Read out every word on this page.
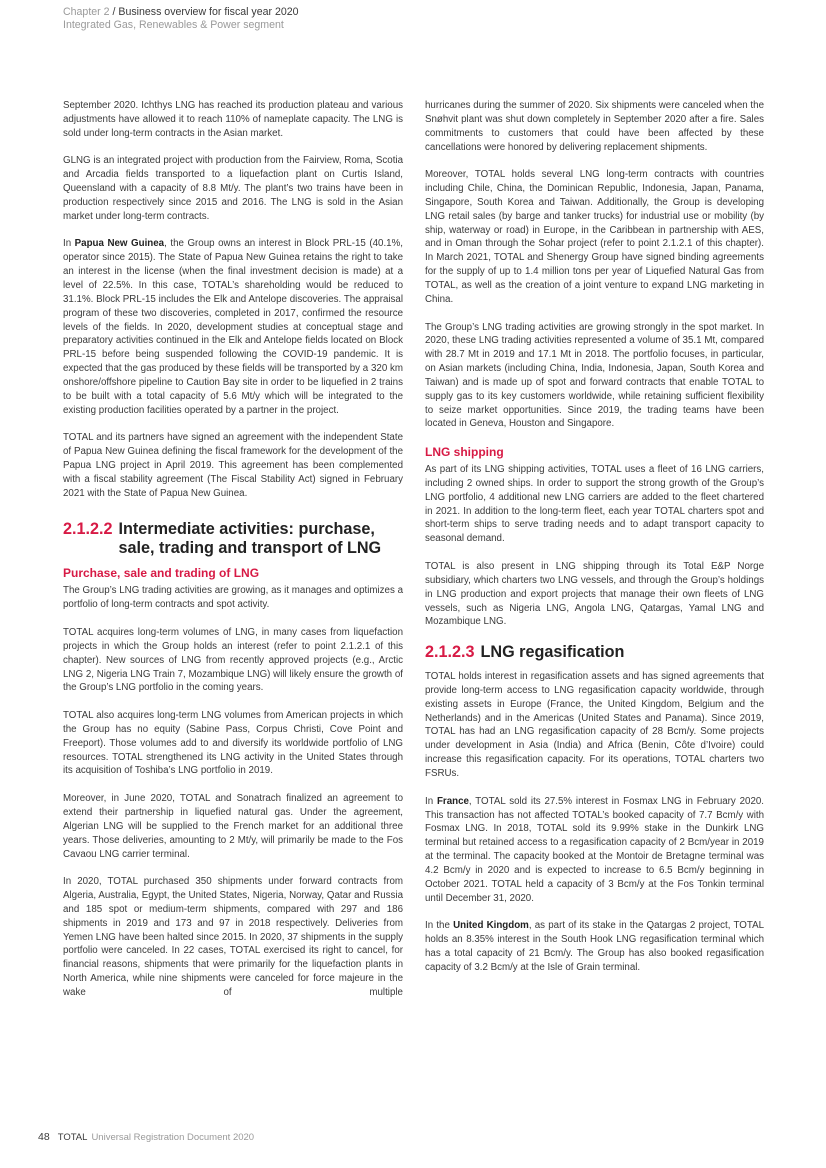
Chapter 2 / Business overview for fiscal year 2020
Integrated Gas, Renewables & Power segment

September 2020. Ichthys LNG has reached its production plateau and various adjustments have allowed it to reach 110% of nameplate capacity. The LNG is sold under long-term contracts in the Asian market.

GLNG is an integrated project with production from the Fairview, Roma, Scotia and Arcadia fields transported to a liquefaction plant on Curtis Island, Queensland with a capacity of 8.8 Mt/y. The plant’s two trains have been in production respectively since 2015 and 2016. The LNG is sold in the Asian market under long-term contracts.

In Papua New Guinea, the Group owns an interest in Block PRL-15 (40.1%, operator since 2015). The State of Papua New Guinea retains the right to take an interest in the license (when the final investment decision is made) at a level of 22.5%. In this case, TOTAL’s shareholding would be reduced to 31.1%. Block PRL-15 includes the Elk and Antelope discoveries. The appraisal program of these two discoveries, completed in 2017, confirmed the resource levels of the fields. In 2020, development studies at conceptual stage and preparatory activities continued in the Elk and Antelope fields located on Block PRL-15 before being suspended following the COVID-19 pandemic. It is expected that the gas produced by these fields will be transported by a 320 km onshore/offshore pipeline to Caution Bay site in order to be liquefied in 2 trains to be built with a total capacity of 5.6 Mt/y which will be integrated to the existing production facilities operated by a partner in the project.

TOTAL and its partners have signed an agreement with the independent State of Papua New Guinea defining the fiscal framework for the development of the Papua LNG project in April 2019. This agreement has been complemented with a fiscal stability agreement (The Fiscal Stability Act) signed in February 2021 with the State of Papua New Guinea.

2.1.2.2 Intermediate activities: purchase, sale, trading and transport of LNG
Purchase, sale and trading of LNG

The Group’s LNG trading activities are growing, as it manages and optimizes a portfolio of long-term contracts and spot activity.

TOTAL acquires long-term volumes of LNG, in many cases from liquefaction projects in which the Group holds an interest (refer to point 2.1.2.1 of this chapter). New sources of LNG from recently approved projects (e.g., Arctic LNG 2, Nigeria LNG Train 7, Mozambique LNG) will likely ensure the growth of the Group’s LNG portfolio in the coming years.

TOTAL also acquires long-term LNG volumes from American projects in which the Group has no equity (Sabine Pass, Corpus Christi, Cove Point and Freeport). Those volumes add to and diversify its worldwide portfolio of LNG resources. TOTAL strengthened its LNG activity in the United States through its acquisition of Toshiba’s LNG portfolio in 2019.

Moreover, in June 2020, TOTAL and Sonatrach finalized an agreement to extend their partnership in liquefied natural gas. Under the agreement, Algerian LNG will be supplied to the French market for an additional three years. Those deliveries, amounting to 2 Mt/y, will primarily be made to the Fos Cavaou LNG carrier terminal.

In 2020, TOTAL purchased 350 shipments under forward contracts from Algeria, Australia, Egypt, the United States, Nigeria, Norway, Qatar and Russia and 185 spot or medium-term shipments, compared with 297 and 186 shipments in 2019 and 173 and 97 in 2018 respectively. Deliveries from Yemen LNG have been halted since 2015. In 2020, 37 shipments in the supply portfolio were canceled. In 22 cases, TOTAL exercised its right to cancel, for financial reasons, shipments that were primarily for the liquefaction plants in North America, while nine shipments were canceled for force majeure in the wake of multiple

hurricanes during the summer of 2020. Six shipments were canceled when the Snøhvit plant was shut down completely in September 2020 after a fire. Sales commitments to customers that could have been affected by these cancellations were honored by delivering replacement shipments.

Moreover, TOTAL holds several LNG long-term contracts with countries including Chile, China, the Dominican Republic, Indonesia, Japan, Panama, Singapore, South Korea and Taiwan. Additionally, the Group is developing LNG retail sales (by barge and tanker trucks) for industrial use or mobility (by ship, waterway or road) in Europe, in the Caribbean in partnership with AES, and in Oman through the Sohar project (refer to point 2.1.2.1 of this chapter). In March 2021, TOTAL and Shenergy Group have signed binding agreements for the supply of up to 1.4 million tons per year of Liquefied Natural Gas from TOTAL, as well as the creation of a joint venture to expand LNG marketing in China.

The Group’s LNG trading activities are growing strongly in the spot market. In 2020, these LNG trading activities represented a volume of 35.1 Mt, compared with 28.7 Mt in 2019 and 17.1 Mt in 2018. The portfolio focuses, in particular, on Asian markets (including China, India, Indonesia, Japan, South Korea and Taiwan) and is made up of spot and forward contracts that enable TOTAL to supply gas to its key customers worldwide, while retaining sufficient flexibility to seize market opportunities. Since 2019, the trading teams have been located in Geneva, Houston and Singapore.

LNG shipping

As part of its LNG shipping activities, TOTAL uses a fleet of 16 LNG carriers, including 2 owned ships. In order to support the strong growth of the Group’s LNG portfolio, 4 additional new LNG carriers are added to the fleet chartered in 2021. In addition to the long-term fleet, each year TOTAL charters spot and short-term ships to serve trading needs and to adapt transport capacity to seasonal demand.

TOTAL is also present in LNG shipping through its Total E&P Norge subsidiary, which charters two LNG vessels, and through the Group’s holdings in LNG production and export projects that manage their own fleets of LNG vessels, such as Nigeria LNG, Angola LNG, Qatargas, Yamal LNG and Mozambique LNG.

2.1.2.3 LNG regasification

TOTAL holds interest in regasification assets and has signed agreements that provide long-term access to LNG regasification capacity worldwide, through existing assets in Europe (France, the United Kingdom, Belgium and the Netherlands) and in the Americas (United States and Panama). Since 2019, TOTAL has had an LNG regasification capacity of 28 Bcm/y. Some projects under development in Asia (India) and Africa (Benin, Côte d’Ivoire) could increase this regasification capacity. For its operations, TOTAL charters two FSRUs.

In France, TOTAL sold its 27.5% interest in Fosmax LNG in February 2020. This transaction has not affected TOTAL’s booked capacity of 7.7 Bcm/y with Fosmax LNG. In 2018, TOTAL sold its 9.99% stake in the Dunkirk LNG terminal but retained access to a regasification capacity of 2 Bcm/year in 2019 at the terminal. The capacity booked at the Montoir de Bretagne terminal was 4.2 Bcm/y in 2020 and is expected to increase to 6.5 Bcm/y beginning in October 2021. TOTAL held a capacity of 3 Bcm/y at the Fos Tonkin terminal until December 31, 2020.

In the United Kingdom, as part of its stake in the Qatargas 2 project, TOTAL holds an 8.35% interest in the South Hook LNG regasification terminal which has a total capacity of 21 Bcm/y. The Group has also booked regasification capacity of 3.2 Bcm/y at the Isle of Grain terminal.

48 TOTAL Universal Registration Document 2020
